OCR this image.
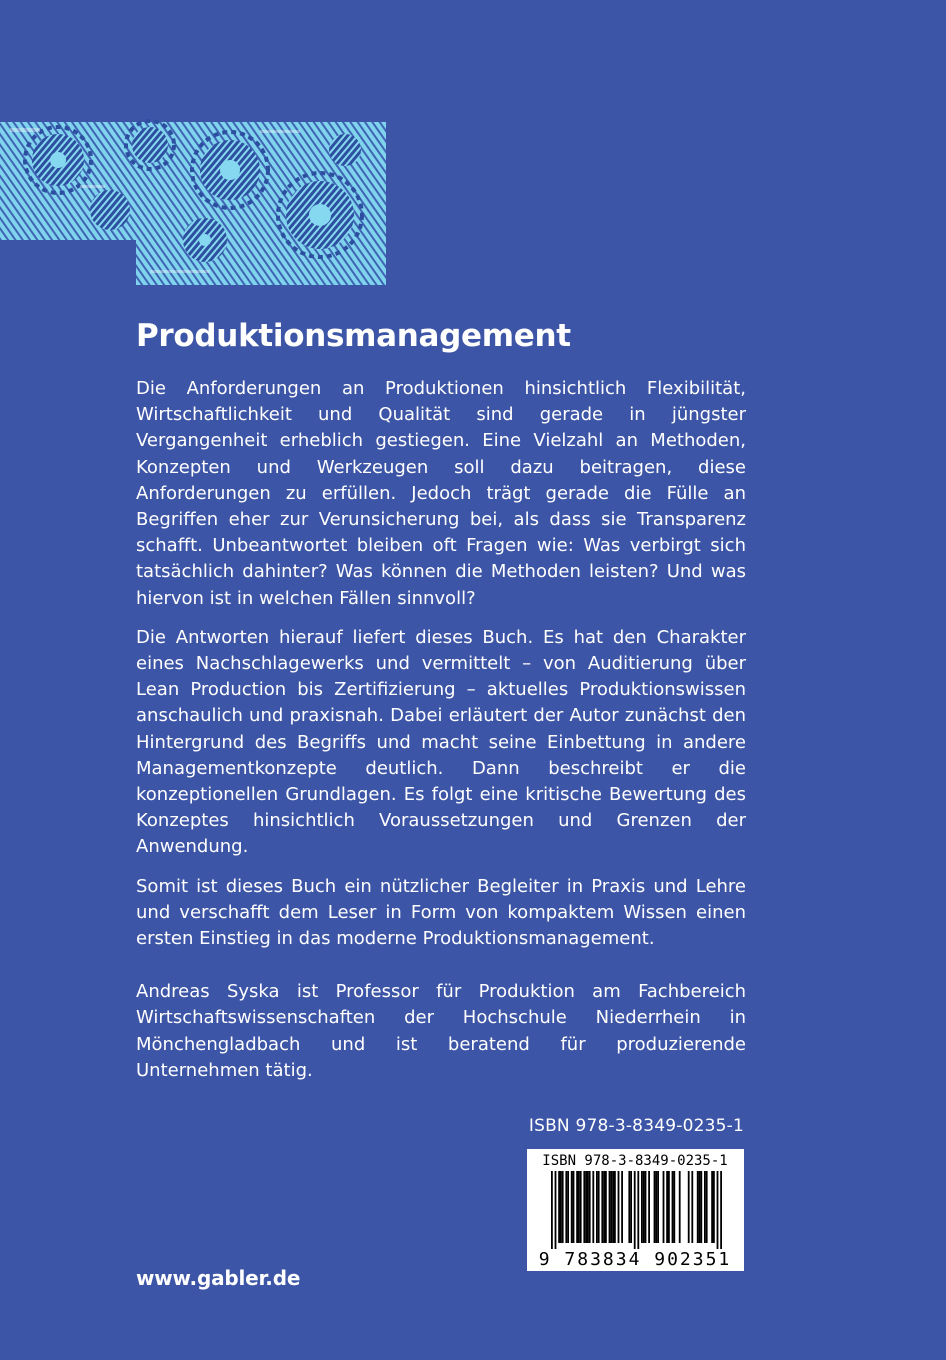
Produktionsmanagement

Die Anforderungen an Produktionen hinsichtlich Flexibilität, Wirtschaftlichkeit und Qualität sind gerade in jüngster Vergangenheit erheblich gestiegen. Eine Vielzahl an Methoden, Konzepten und Werkzeugen soll dazu beitragen, diese Anforderungen zu erfüllen. Jedoch trägt gerade die Fülle an Begriffen eher zur Verunsicherung bei, als dass sie Transparenz schafft. Unbeantwortet bleiben oft Fragen wie: Was verbirgt sich tatsächlich dahinter? Was können die Methoden leisten? Und was hiervon ist in welchen Fällen sinnvoll?

Die Antworten hierauf liefert dieses Buch. Es hat den Charakter eines Nachschlagewerks und vermittelt – von Auditierung über Lean Production bis Zertifizierung – aktuelles Produktionswissen anschaulich und praxisnah. Dabei erläutert der Autor zunächst den Hintergrund des Begriffs und macht seine Einbettung in andere Managementkonzepte deutlich. Dann beschreibt er die konzeptionellen Grundlagen. Es folgt eine kritische Bewertung des Konzeptes hinsichtlich Voraussetzungen und Grenzen der Anwendung.

Somit ist dieses Buch ein nützlicher Begleiter in Praxis und Lehre und verschafft dem Leser in Form von kompaktem Wissen einen ersten Einstieg in das moderne Produktionsmanagement.

Andreas Syska ist Professor für Produktion am Fachbereich Wirtschaftswissenschaften der Hochschule Niederrhein in Mönchengladbach und ist beratend für produzierende Unternehmen tätig.

ISBN 978-3-8349-0235-1
ISBN 978-3-8349-0235-1
9 783834 902351
www.gabler.de
